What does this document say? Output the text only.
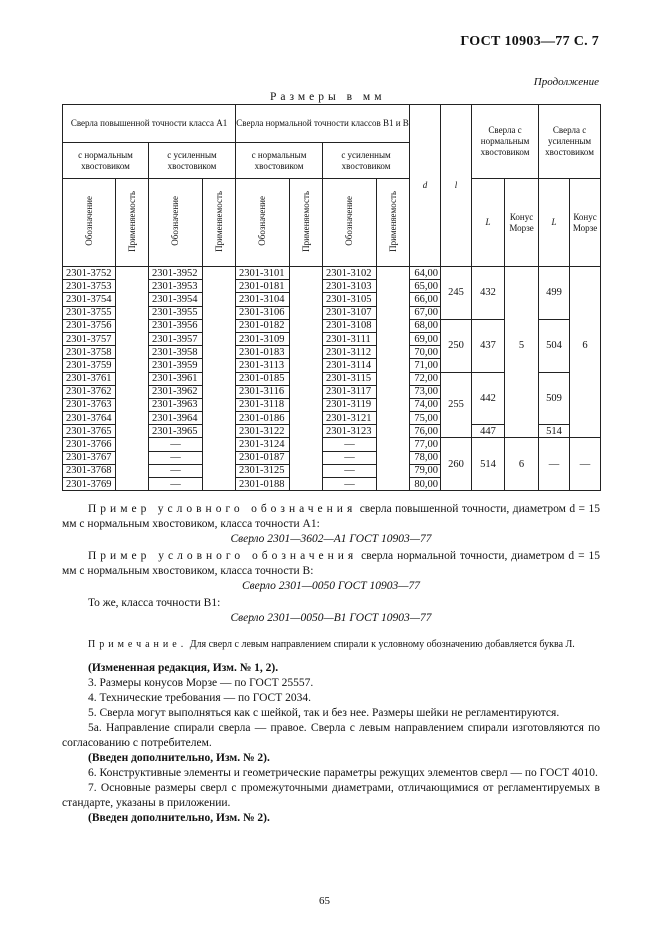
ГОСТ 10903—77 С. 7
Продолжение
Размеры в мм
Сверла повышенной точности класса А1				Сверла нормальной точности классов В1 и В				d	l	Сверла с нормальным хвостовиком		Сверла с усиленным хвостовиком	
с нормальным хвостовиком		с усиленным хвостовиком		с нормальным хвостовиком		с усиленным хвостовиком							
Обозначение	Применяемость	Обозначение	Применяемость	Обозначение	Применяемость	Обозначение	Применяемость			L	Конус Морзе	L	Конус Морзе
2301-3752		2301-3952		2301-3101		2301-3102		64,00	245	432		499	
2301-3753		2301-3953		2301-0181		2301-3103		65,00					
2301-3754		2301-3954		2301-3104		2301-3105		66,00					
2301-3755		2301-3955		2301-3106		2301-3107		67,00					
2301-3756		2301-3956		2301-0182		2301-3108		68,00	250	437	5	504	6
2301-3757		2301-3957		2301-3109		2301-3111		69,00					
2301-3758		2301-3958		2301-0183		2301-3112		70,00					
2301-3759		2301-3959		2301-3113		2301-3114		71,00					
2301-3761		2301-3961		2301-0185		2301-3115		72,00	255	442		509	
2301-3762		2301-3962		2301-3116		2301-3117		73,00					
2301-3763		2301-3963		2301-3118		2301-3119		74,00					
2301-3764		2301-3964		2301-0186		2301-3121		75,00					
2301-3765		2301-3965		2301-3122		2301-3123		76,00		447		514	
2301-3766		—		2301-3124		—		77,00	260	514	6	—	—
2301-3767		—		2301-0187		—		78,00					
2301-3768		—		2301-3125		—		79,00					
2301-3769		—		2301-0188		—		80,00					

Пример условного обозначения сверла повышенной точности, диаметром d = 15 мм с нормальным хвостовиком, класса точности А1:

Сверло 2301—3602—А1 ГОСТ 10903—77

Пример условного обозначения сверла нормальной точности, диаметром d = 15 мм с нормальным хвостовиком, класса точности В:

Сверло 2301—0050 ГОСТ 10903—77

То же, класса точности В1:

Сверло 2301—0050—В1 ГОСТ 10903—77

Примечание. Для сверл с левым направлением спирали к условному обозначению добавляется буква Л.

(Измененная редакция, Изм. № 1, 2).

3. Размеры конусов Морзе — по ГОСТ 25557.

4. Технические требования — по ГОСТ 2034.

5. Сверла могут выполняться как с шейкой, так и без нее. Размеры шейки не регламентируются.

5а. Направление спирали сверла — правое. Сверла с левым направлением спирали изготовляются по согласованию с потребителем.

(Введен дополнительно, Изм. № 2).

6. Конструктивные элементы и геометрические параметры режущих элементов сверл — по ГОСТ 4010.

7. Основные размеры сверл с промежуточными диаметрами, отличающимися от регламентируемых в стандарте, указаны в приложении.

(Введен дополнительно, Изм. № 2).

65
